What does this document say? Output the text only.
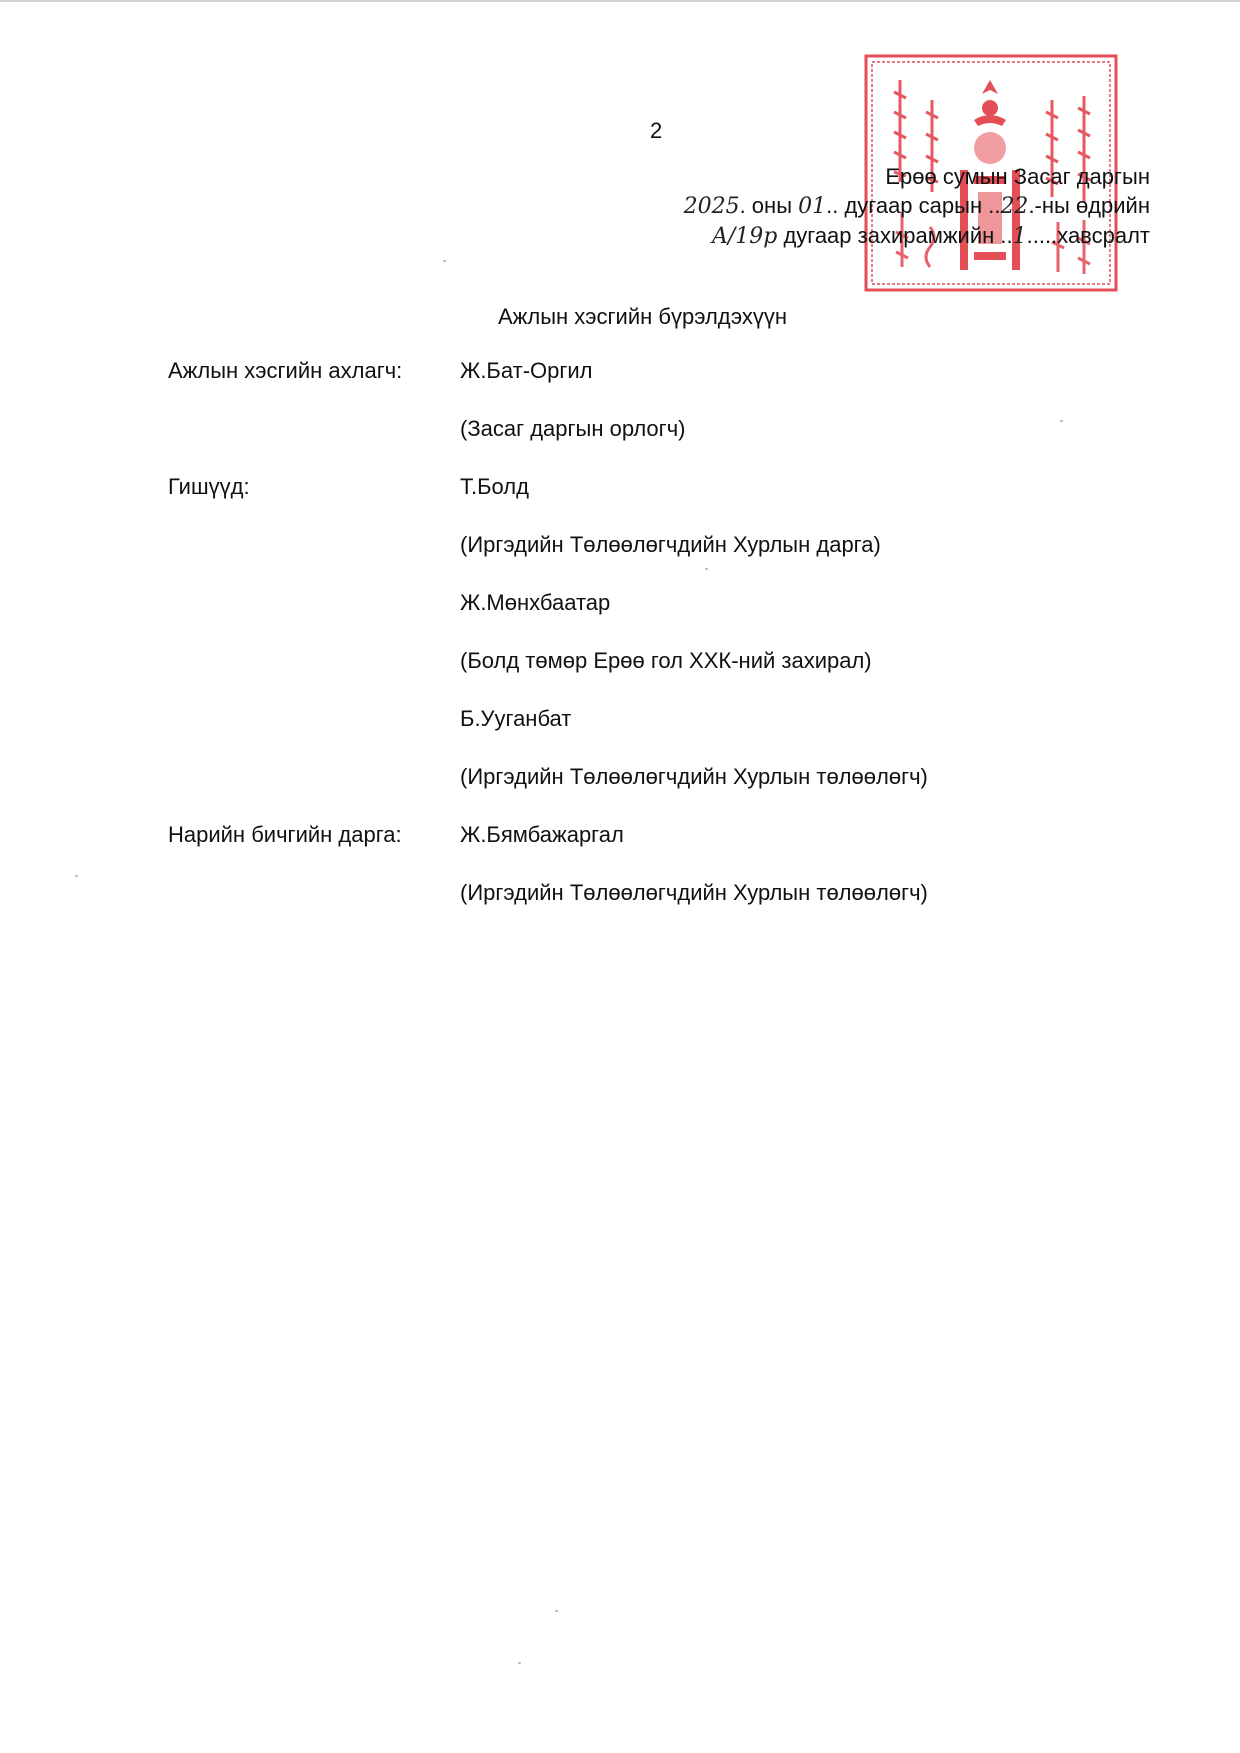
2
Ерөө сумын Засаг даргын
2025. оны 01.. дугаар сарын ..22.-ны өдрийн
A/19р дугаар захирамжийн ..1.....хавсралт
Ажлын хэсгийн бүрэлдэхүүн
Ажлын хэсгийн ахлагч:	Ж.Бат-Оргил
(Засаг даргын орлогч)
Гишүүд:	Т.Болд
(Иргэдийн Төлөөлөгчдийн Хурлын дарга)
Ж.Мөнхбаатар
(Болд төмөр Ерөө гол ХХК-ний захирал)
Б.Ууганбат
(Иргэдийн Төлөөлөгчдийн Хурлын төлөөлөгч)
Нарийн бичгийн дарга:	Ж.Бямбажаргал
(Иргэдийн Төлөөлөгчдийн Хурлын төлөөлөгч)
